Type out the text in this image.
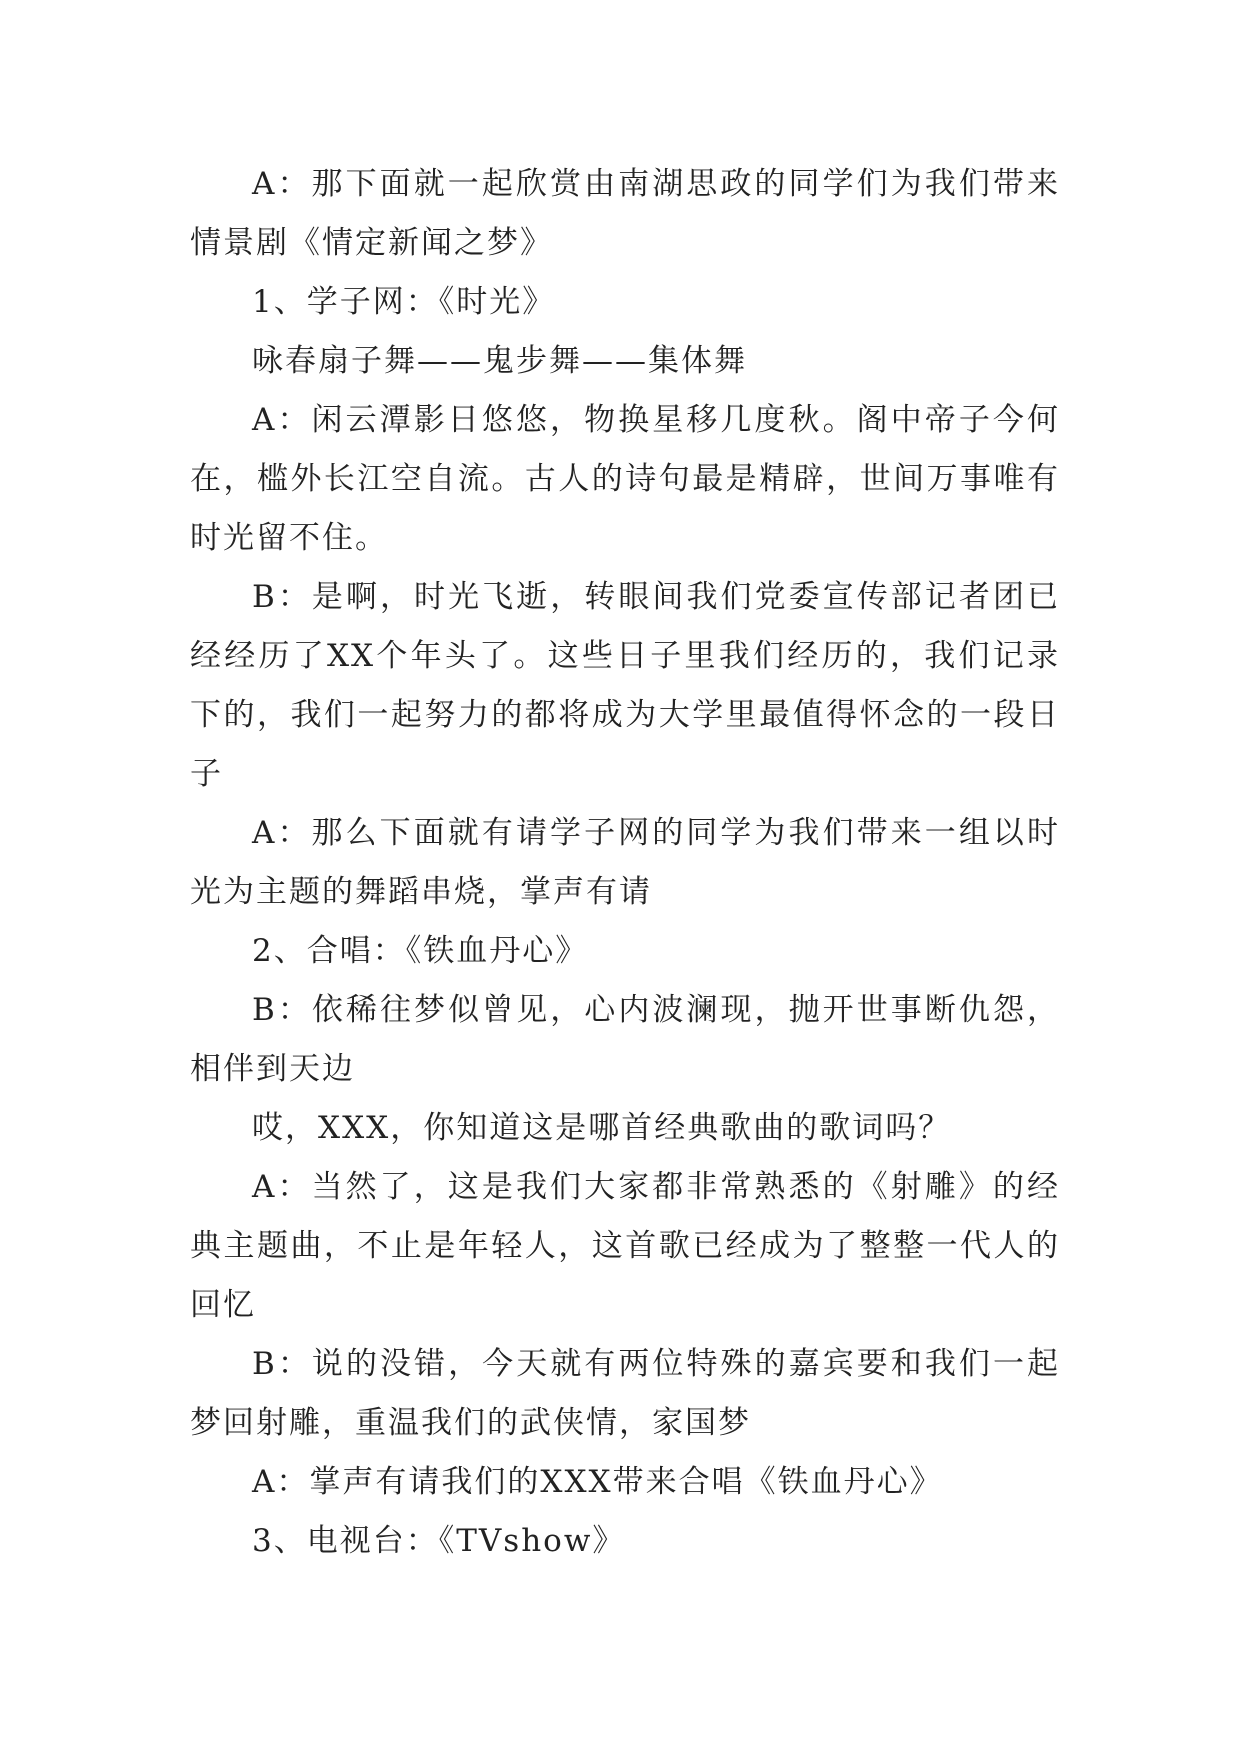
A：那下面就一起欣赏由南湖思政的同学们为我们带来情景剧《情定新闻之梦》

1、学子网：《时光》

咏春扇子舞——鬼步舞——集体舞

A：闲云潭影日悠悠，物换星移几度秋。阁中帝子今何在，槛外长江空自流。古人的诗句最是精辟，世间万事唯有时光留不住。

B：是啊，时光飞逝，转眼间我们党委宣传部记者团已经经历了XX个年头了。这些日子里我们经历的，我们记录下的，我们一起努力的都将成为大学里最值得怀念的一段日子

A：那么下面就有请学子网的同学为我们带来一组以时光为主题的舞蹈串烧，掌声有请

2、合唱：《铁血丹心》

B：依稀往梦似曾见，心内波澜现，抛开世事断仇怨，相伴到天边

哎，XXX，你知道这是哪首经典歌曲的歌词吗？

A：当然了，这是我们大家都非常熟悉的《射雕》的经典主题曲，不止是年轻人，这首歌已经成为了整整一代人的回忆

B：说的没错，今天就有两位特殊的嘉宾要和我们一起梦回射雕，重温我们的武侠情，家国梦

A：掌声有请我们的XXX带来合唱《铁血丹心》

3、电视台：《TVshow》
